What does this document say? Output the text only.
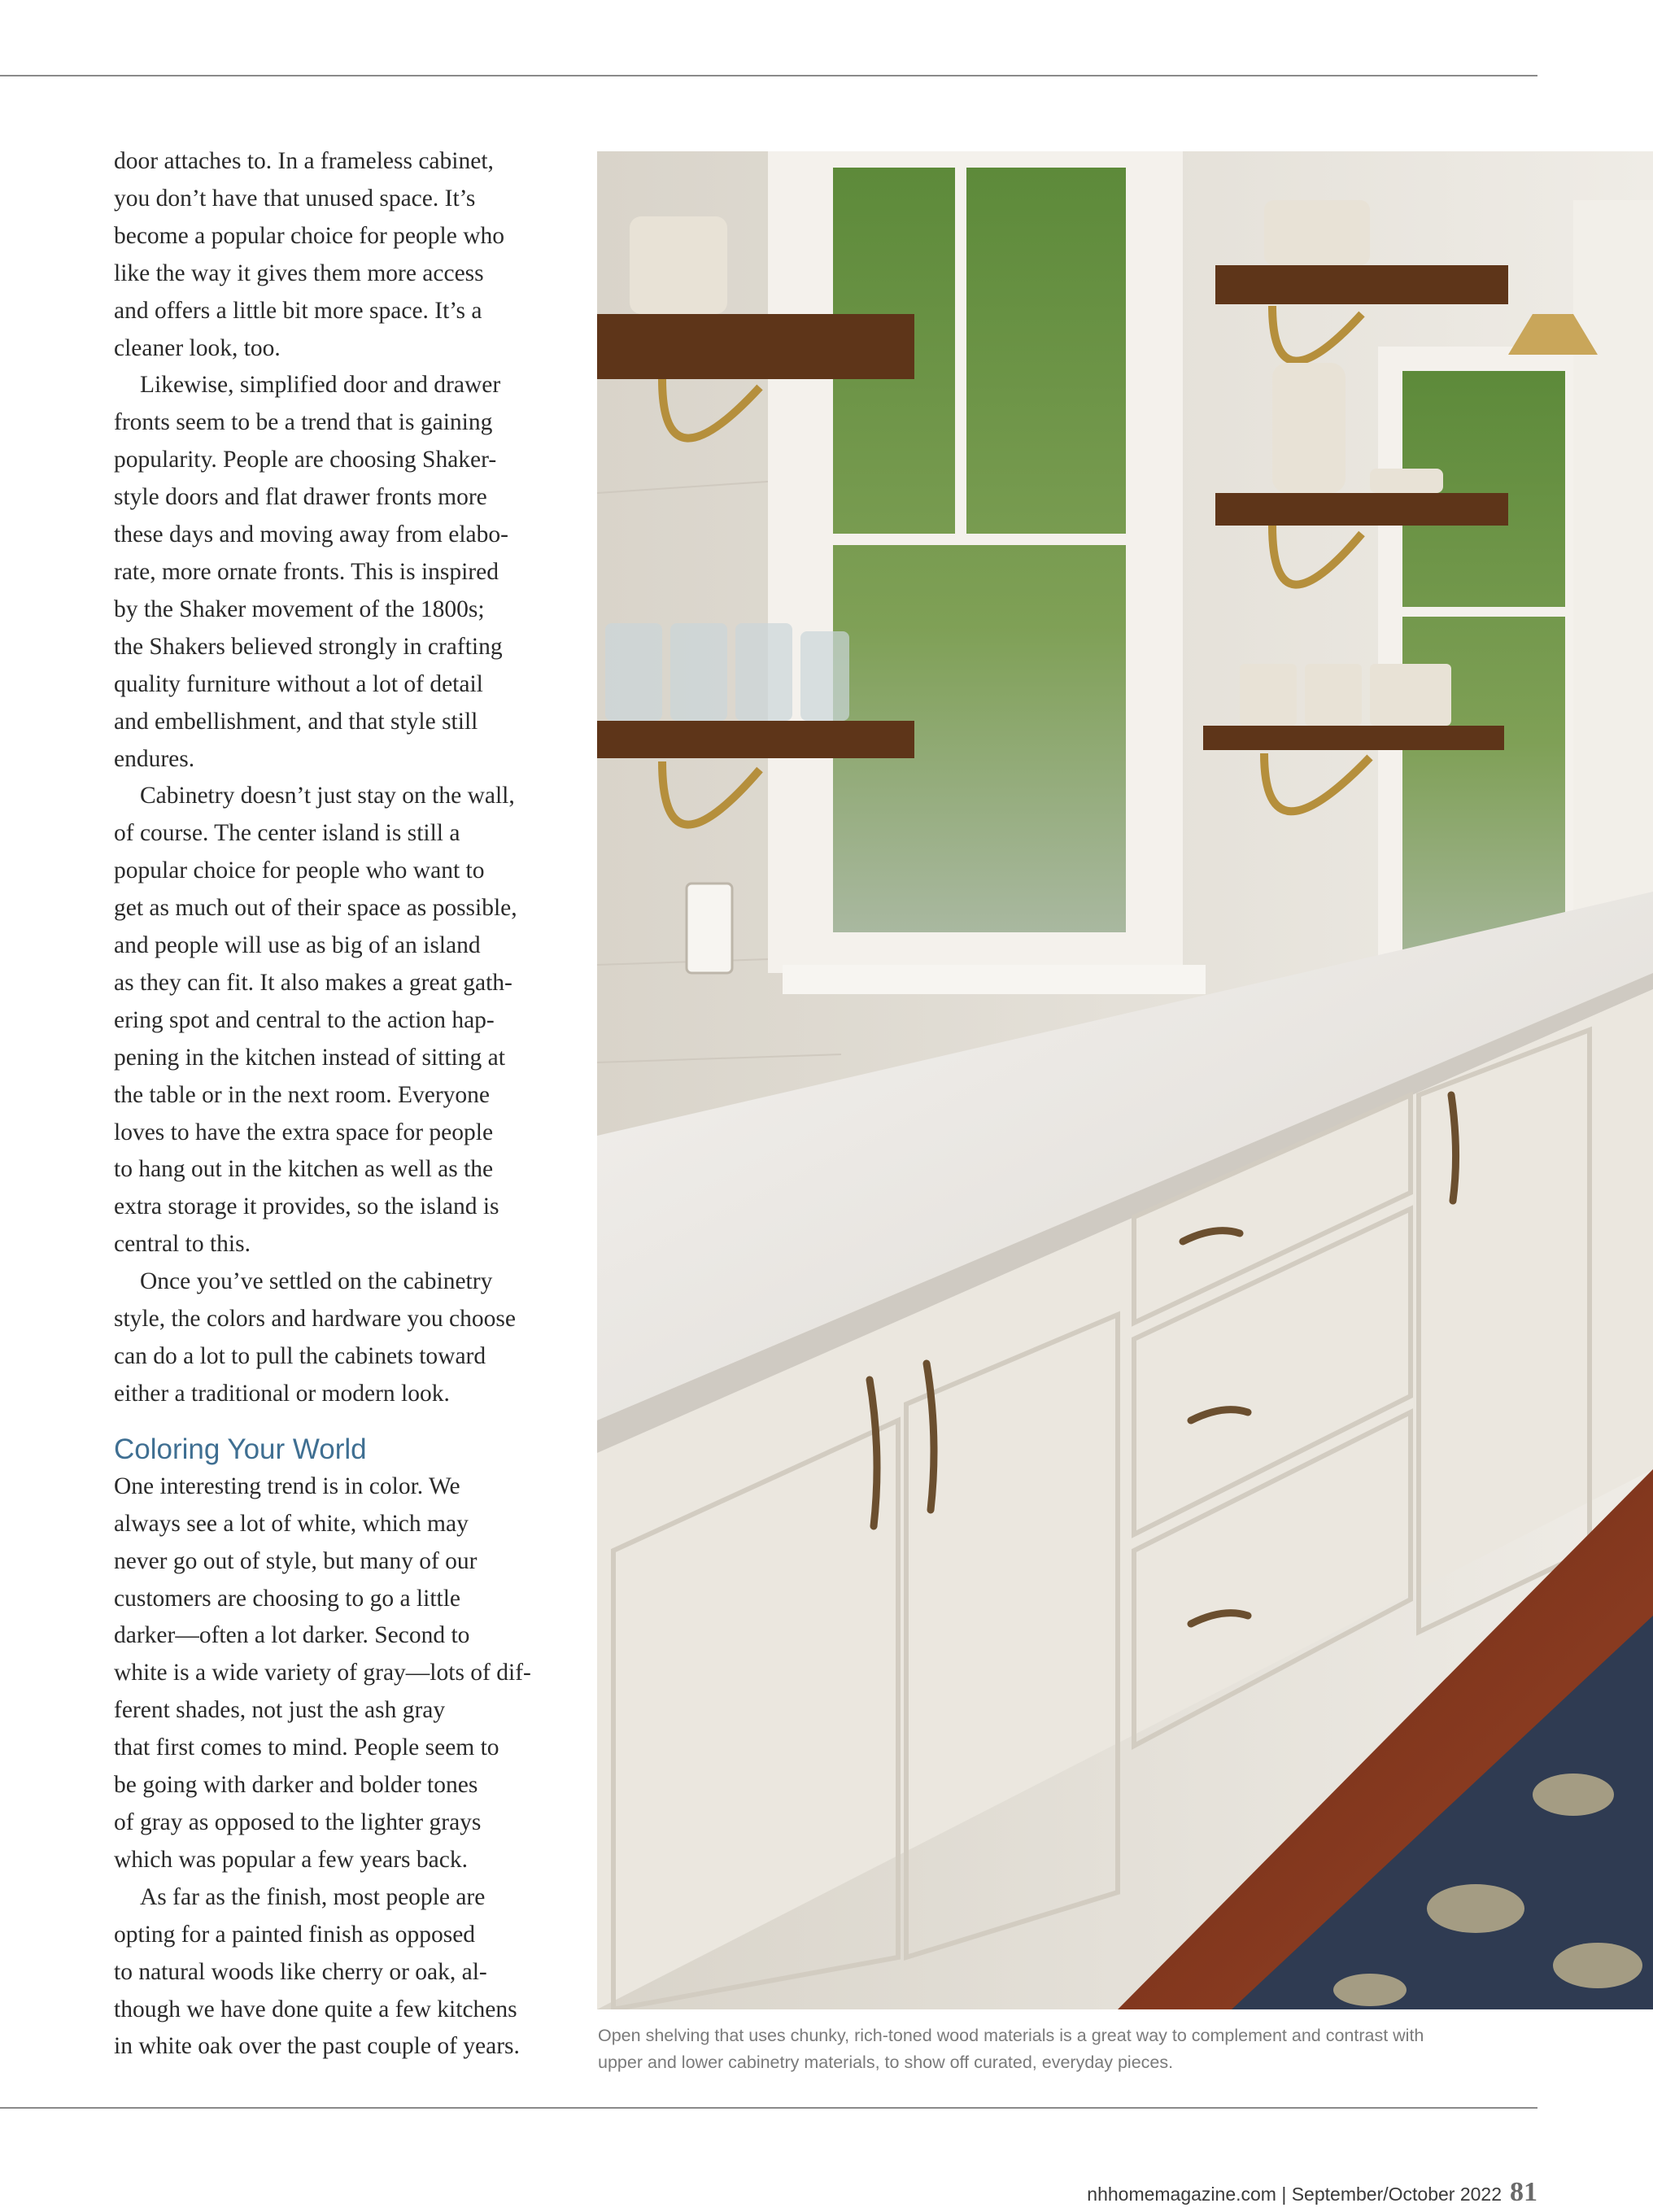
door attaches to. In a frameless cabinet,
you don’t have that unused space. It’s
become a popular choice for people who
like the way it gives them more access
and offers a little bit more space. It’s a
cleaner look, too.
Likewise, simplified door and drawer
fronts seem to be a trend that is gaining
popularity. People are choosing Shaker-
style doors and flat drawer fronts more
these days and moving away from elabo-
rate, more ornate fronts. This is inspired
by the Shaker movement of the 1800s;
the Shakers believed strongly in crafting
quality furniture without a lot of detail
and embellishment, and that style still
endures.
Cabinetry doesn’t just stay on the wall,
of course. The center island is still a
popular choice for people who want to
get as much out of their space as possible,
and people will use as big of an island
as they can fit. It also makes a great gath-
ering spot and central to the action hap-
pening in the kitchen instead of sitting at
the table or in the next room. Everyone
loves to have the extra space for people
to hang out in the kitchen as well as the
extra storage it provides, so the island is
central to this.
Once you’ve settled on the cabinetry
style, the colors and hardware you choose
can do a lot to pull the cabinets toward
either a traditional or modern look.
Coloring Your World
One interesting trend is in color. We
always see a lot of white, which may
never go out of style, but many of our
customers are choosing to go a little
darker—often a lot darker. Second to
white is a wide variety of gray—lots of dif-
ferent shades, not just the ash gray
that first comes to mind. People seem to
be going with darker and bolder tones
of gray as opposed to the lighter grays
which was popular a few years back.
As far as the finish, most people are
opting for a painted finish as opposed
to natural woods like cherry or oak, al-
though we have done quite a few kitchens
in white oak over the past couple of years.	Open shelving that uses chunky, rich-toned wood materials is a great way to complement and contrast with
upper and lower cabinetry materials, to show off curated, everyday pieces.
nhhomemagazine.com | September/October 2022 81
